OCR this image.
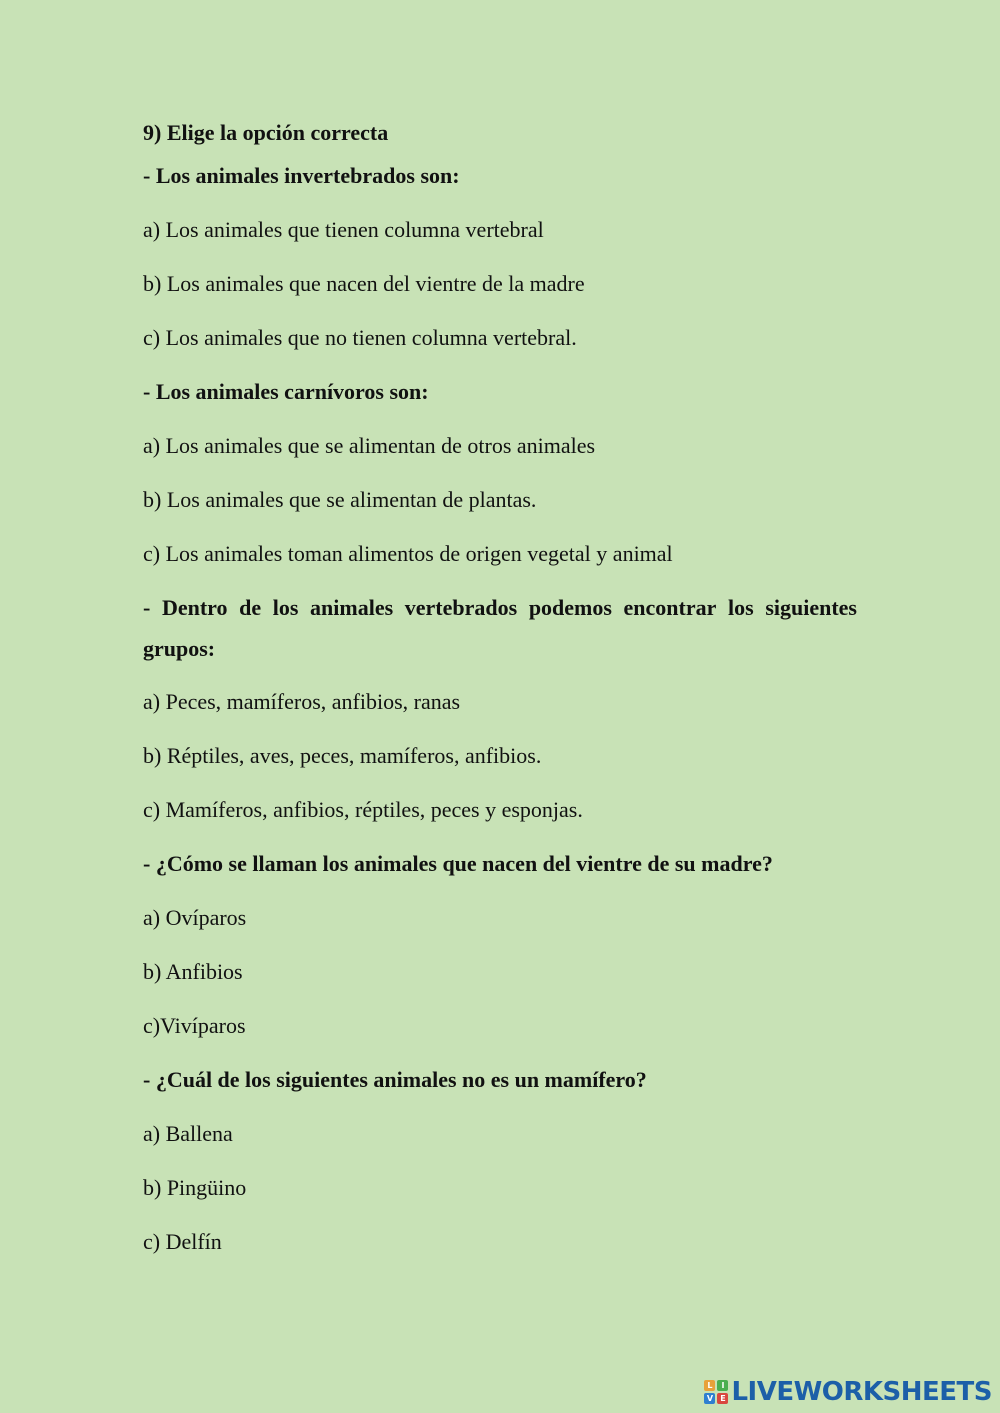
9) Elige la opción correcta
- Los animales invertebrados son:
a) Los animales que tienen columna vertebral
b) Los animales que nacen del vientre de la madre
c) Los animales que no tienen columna vertebral.
- Los animales carnívoros son:
a) Los animales que se alimentan de otros animales
b) Los animales que se alimentan de plantas.
c) Los animales toman alimentos de origen vegetal y animal
- Dentro de los animales vertebrados podemos encontrar los siguientes
grupos:
a) Peces, mamíferos, anfibios, ranas
b) Réptiles, aves, peces, mamíferos, anfibios.
c) Mamíferos, anfibios, réptiles, peces y esponjas.
- ¿Cómo se llaman los animales que nacen del vientre de su madre?
a) Ovíparos
b) Anfibios
c)Vivíparos
- ¿Cuál de los siguientes animales no es un mamífero?
a) Ballena
b) Pingüino
c) Delfín
L	I
V E LIVEWORKSHEETS
